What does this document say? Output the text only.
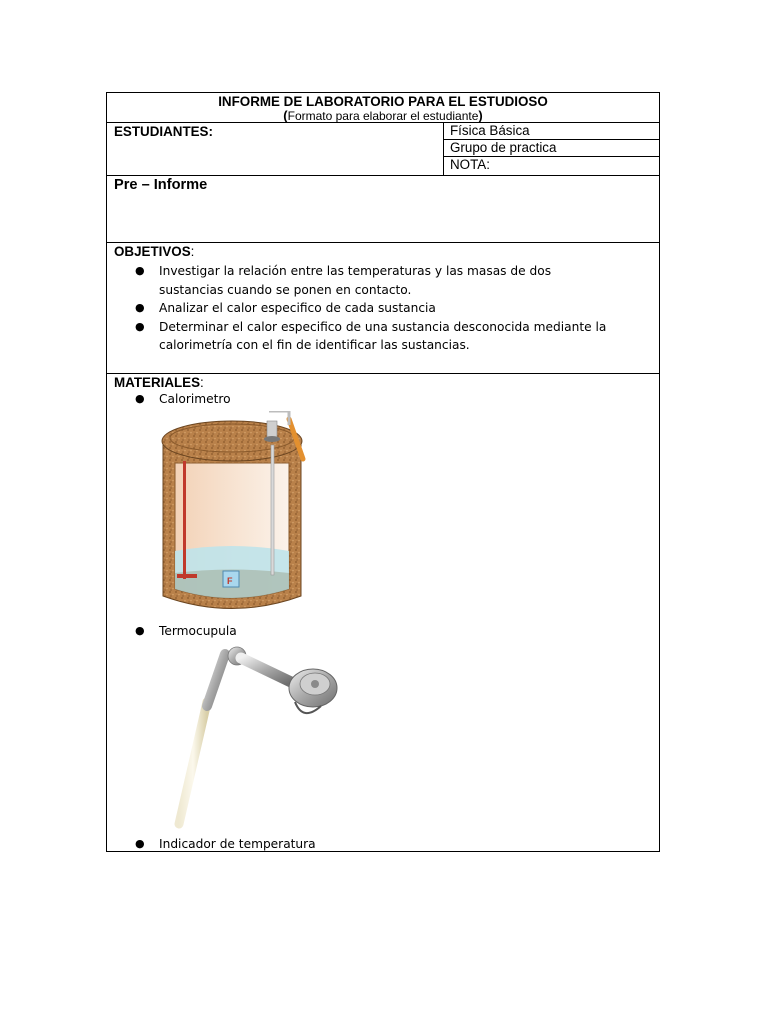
INFORME DE LABORATORIO PARA EL ESTUDIOSO
(Formato para elaborar el estudiante)
ESTUDIANTES:	Física Básica
Grupo de practica
NOTA:
Pre – Informe
OBJETIVOS:
● Investigar la relación entre las temperaturas y las masas de dos sustancias cuando se ponen en contacto.
● Analizar el calor especifico de cada sustancia
● Determinar el calor especifico de una sustancia desconocida mediante la calorimetría con el fin de identificar las sustancias.
MATERIALES:
● Calorimetro
F
● Termocupula
● Indicador de temperatura
